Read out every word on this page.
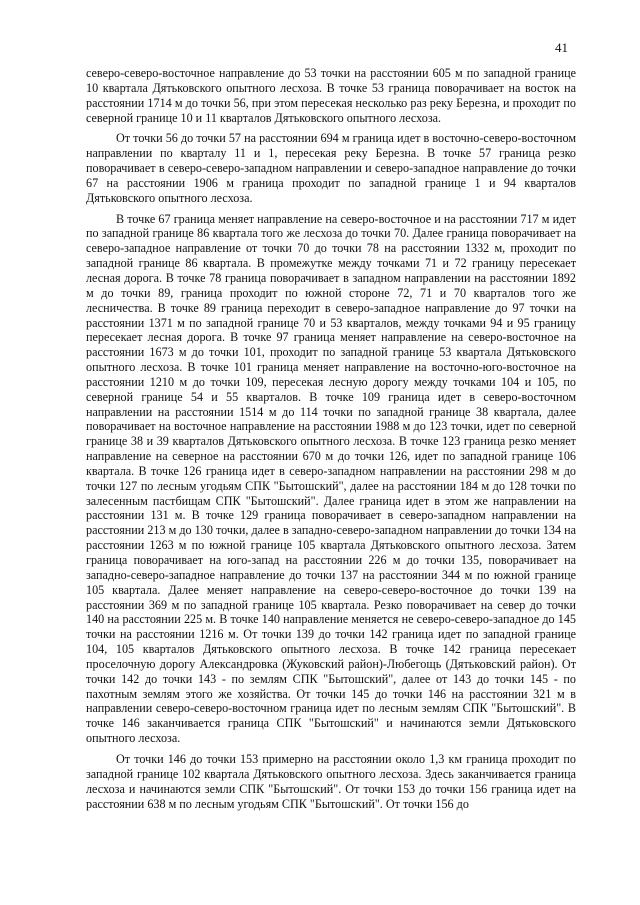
41

северо-северо-восточное направление до 53 точки на расстоянии 605 м по западной границе 10 квартала Дятьковского опытного лесхоза. В точке 53 граница поворачивает на восток на расстоянии 1714 м до точки 56, при этом пересекая несколько раз реку Березна, и проходит по северной границе 10 и 11 кварталов Дятьковского опытного лесхоза.

От точки 56 до точки 57 на расстоянии 694 м граница идет в восточно-северо-восточном направлении по кварталу 11 и 1, пересекая реку Березна. В точке 57 граница резко поворачивает в северо-северо-западном направлении и северо-западное направление до точки 67 на расстоянии 1906 м граница проходит по западной границе 1 и 94 кварталов Дятьковского опытного лесхоза.

В точке 67 граница меняет направление на северо-восточное и на расстоянии 717 м идет по западной границе 86 квартала того же лесхоза до точки 70. Далее граница поворачивает на северо-западное направление от точки 70 до точки 78 на расстоянии 1332 м, проходит по западной границе 86 квартала. В промежутке между точками 71 и 72 границу пересекает лесная дорога. В точке 78 граница поворачивает в западном направлении на расстоянии 1892 м до точки 89, граница проходит по южной стороне 72, 71 и 70 кварталов того же лесничества. В точке 89 граница переходит в северо-западное направление до 97 точки на расстоянии 1371 м по западной границе 70 и 53 кварталов, между точками 94 и 95 границу пересекает лесная дорога. В точке 97 граница меняет направление на северо-восточное на расстоянии 1673 м до точки 101, проходит по западной границе 53 квартала Дятьковского опытного лесхоза. В точке 101 граница меняет направление на восточно-юго-восточное на расстоянии 1210 м до точки 109, пересекая лесную дорогу между точками 104 и 105, по северной границе 54 и 55 кварталов. В точке 109 граница идет в северо-восточном направлении на расстоянии 1514 м до 114 точки по западной границе 38 квартала, далее поворачивает на восточное направление на расстоянии 1988 м до 123 точки, идет по северной границе 38 и 39 кварталов Дятьковского опытного лесхоза. В точке 123 граница резко меняет направление на северное на расстоянии 670 м до точки 126, идет по западной границе 106 квартала. В точке 126 граница идет в северо-западном направлении на расстоянии 298 м до точки 127 по лесным угодьям СПК "Бытошский", далее на расстоянии 184 м до 128 точки по залесенным пастбищам СПК "Бытошский". Далее граница идет в этом же направлении на расстоянии 131 м. В точке 129 граница поворачивает в северо-западном направлении на расстоянии 213 м до 130 точки, далее в западно-северо-западном направлении до точки 134 на расстоянии 1263 м по южной границе 105 квартала Дятьковского опытного лесхоза. Затем граница поворачивает на юго-запад на расстоянии 226 м до точки 135, поворачивает на западно-северо-западное направление до точки 137 на расстоянии 344 м по южной границе 105 квартала. Далее меняет направление на северо-северо-восточное до точки 139 на расстоянии 369 м по западной границе 105 квартала. Резко поворачивает на север до точки 140 на расстоянии 225 м. В точке 140 направление меняется не северо-северо-западное до 145 точки на расстоянии 1216 м. От точки 139 до точки 142 граница идет по западной границе 104, 105 кварталов Дятьковского опытного лесхоза. В точке 142 граница пересекает проселочную дорогу Александровка (Жуковский район)-Любегощь (Дятьковский район). От точки 142 до точки 143 - по землям СПК "Бытошский", далее от 143 до точки 145 - по пахотным землям этого же хозяйства. От точки 145 до точки 146 на расстоянии 321 м в направлении северо-северо-восточном граница идет по лесным землям СПК "Бытошский". В точке 146 заканчивается граница СПК "Бытошский" и начинаются земли Дятьковского опытного лесхоза.

От точки 146 до точки 153 примерно на расстоянии около 1,3 км граница проходит по западной границе 102 квартала Дятьковского опытного лесхоза. Здесь заканчивается граница лесхоза и начинаются земли СПК "Бытошский". От точки 153 до точки 156 граница идет на расстоянии 638 м по лесным угодьям СПК "Бытошский". От точки 156 до
